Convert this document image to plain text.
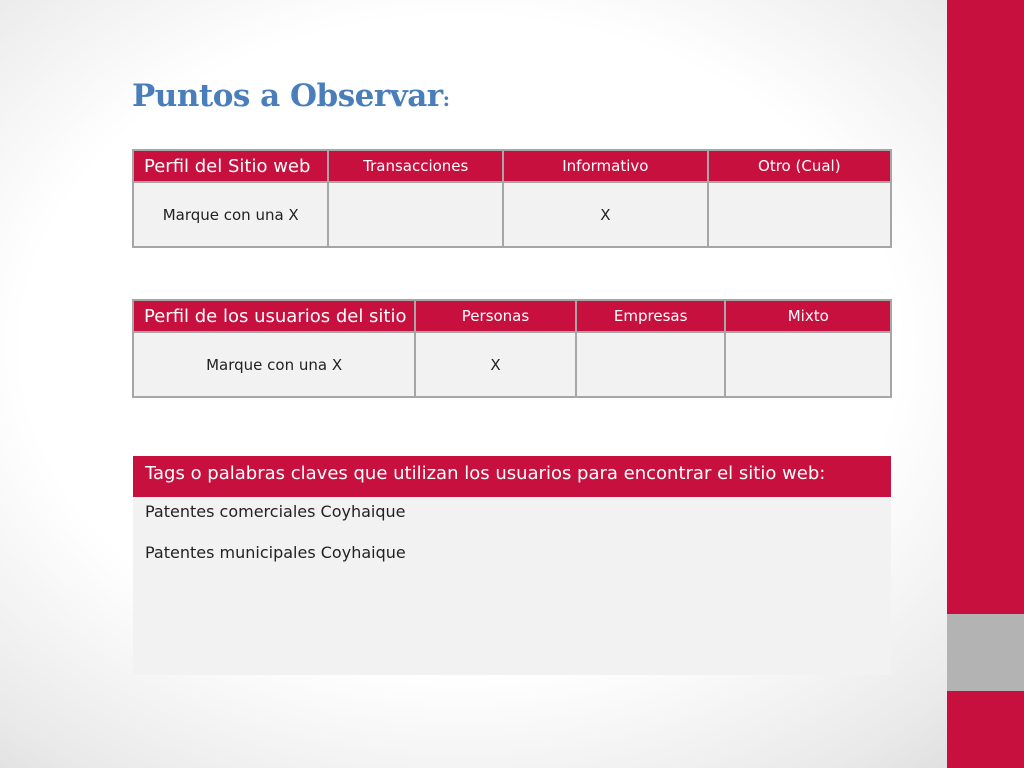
Puntos a Observar:
Perfil del Sitio web	Transacciones	Informativo	Otro (Cual)
Marque con una X		X	
Perfil de los usuarios del sitio	Personas	Empresas	Mixto
Marque con una X	X		
Tags o palabras claves que utilizan los usuarios para encontrar el sitio web:
Patentes comerciales Coyhaique
Patentes municipales Coyhaique
